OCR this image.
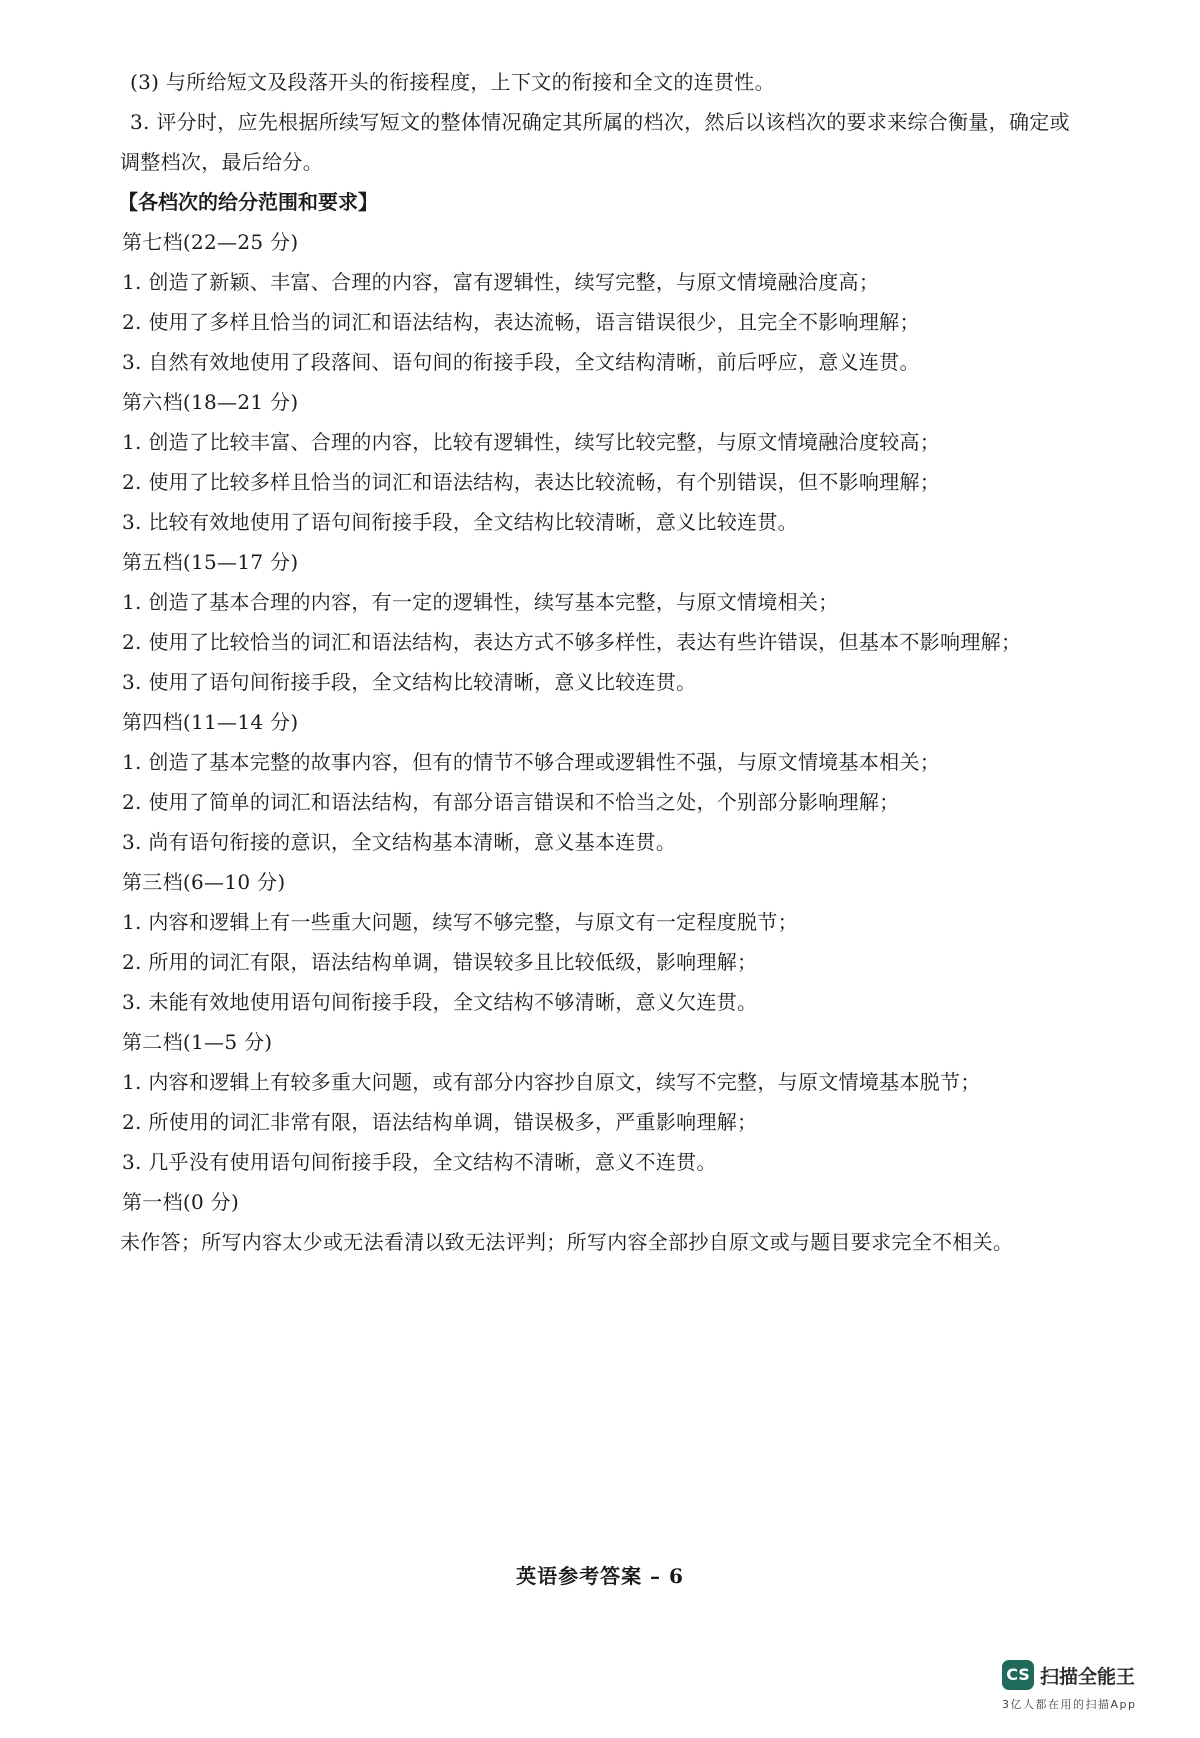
(3) 与所给短文及段落开头的衔接程度，上下文的衔接和全文的连贯性。
3. 评分时，应先根据所续写短文的整体情况确定其所属的档次，然后以该档次的要求来综合衡量，确定或
调整档次，最后给分。
【各档次的给分范围和要求】
第七档(22—25 分)
1. 创造了新颖、丰富、合理的内容，富有逻辑性，续写完整，与原文情境融洽度高；
2. 使用了多样且恰当的词汇和语法结构，表达流畅，语言错误很少，且完全不影响理解；
3. 自然有效地使用了段落间、语句间的衔接手段，全文结构清晰，前后呼应，意义连贯。
第六档(18—21 分)
1. 创造了比较丰富、合理的内容，比较有逻辑性，续写比较完整，与原文情境融洽度较高；
2. 使用了比较多样且恰当的词汇和语法结构，表达比较流畅，有个别错误，但不影响理解；
3. 比较有效地使用了语句间衔接手段，全文结构比较清晰，意义比较连贯。
第五档(15—17 分)
1. 创造了基本合理的内容，有一定的逻辑性，续写基本完整，与原文情境相关；
2. 使用了比较恰当的词汇和语法结构，表达方式不够多样性，表达有些许错误，但基本不影响理解；
3. 使用了语句间衔接手段，全文结构比较清晰，意义比较连贯。
第四档(11—14 分)
1. 创造了基本完整的故事内容，但有的情节不够合理或逻辑性不强，与原文情境基本相关；
2. 使用了简单的词汇和语法结构，有部分语言错误和不恰当之处，个别部分影响理解；
3. 尚有语句衔接的意识，全文结构基本清晰，意义基本连贯。
第三档(6—10 分)
1. 内容和逻辑上有一些重大问题，续写不够完整，与原文有一定程度脱节；
2. 所用的词汇有限，语法结构单调，错误较多且比较低级，影响理解；
3. 未能有效地使用语句间衔接手段，全文结构不够清晰，意义欠连贯。
第二档(1—5 分)
1. 内容和逻辑上有较多重大问题，或有部分内容抄自原文，续写不完整，与原文情境基本脱节；
2. 所使用的词汇非常有限，语法结构单调，错误极多，严重影响理解；
3. 几乎没有使用语句间衔接手段，全文结构不清晰，意义不连贯。
第一档(0 分)
未作答；所写内容太少或无法看清以致无法评判；所写内容全部抄自原文或与题目要求完全不相关。
英语参考答案 – 6
CS 扫描全能王
3亿人都在用的扫描App
